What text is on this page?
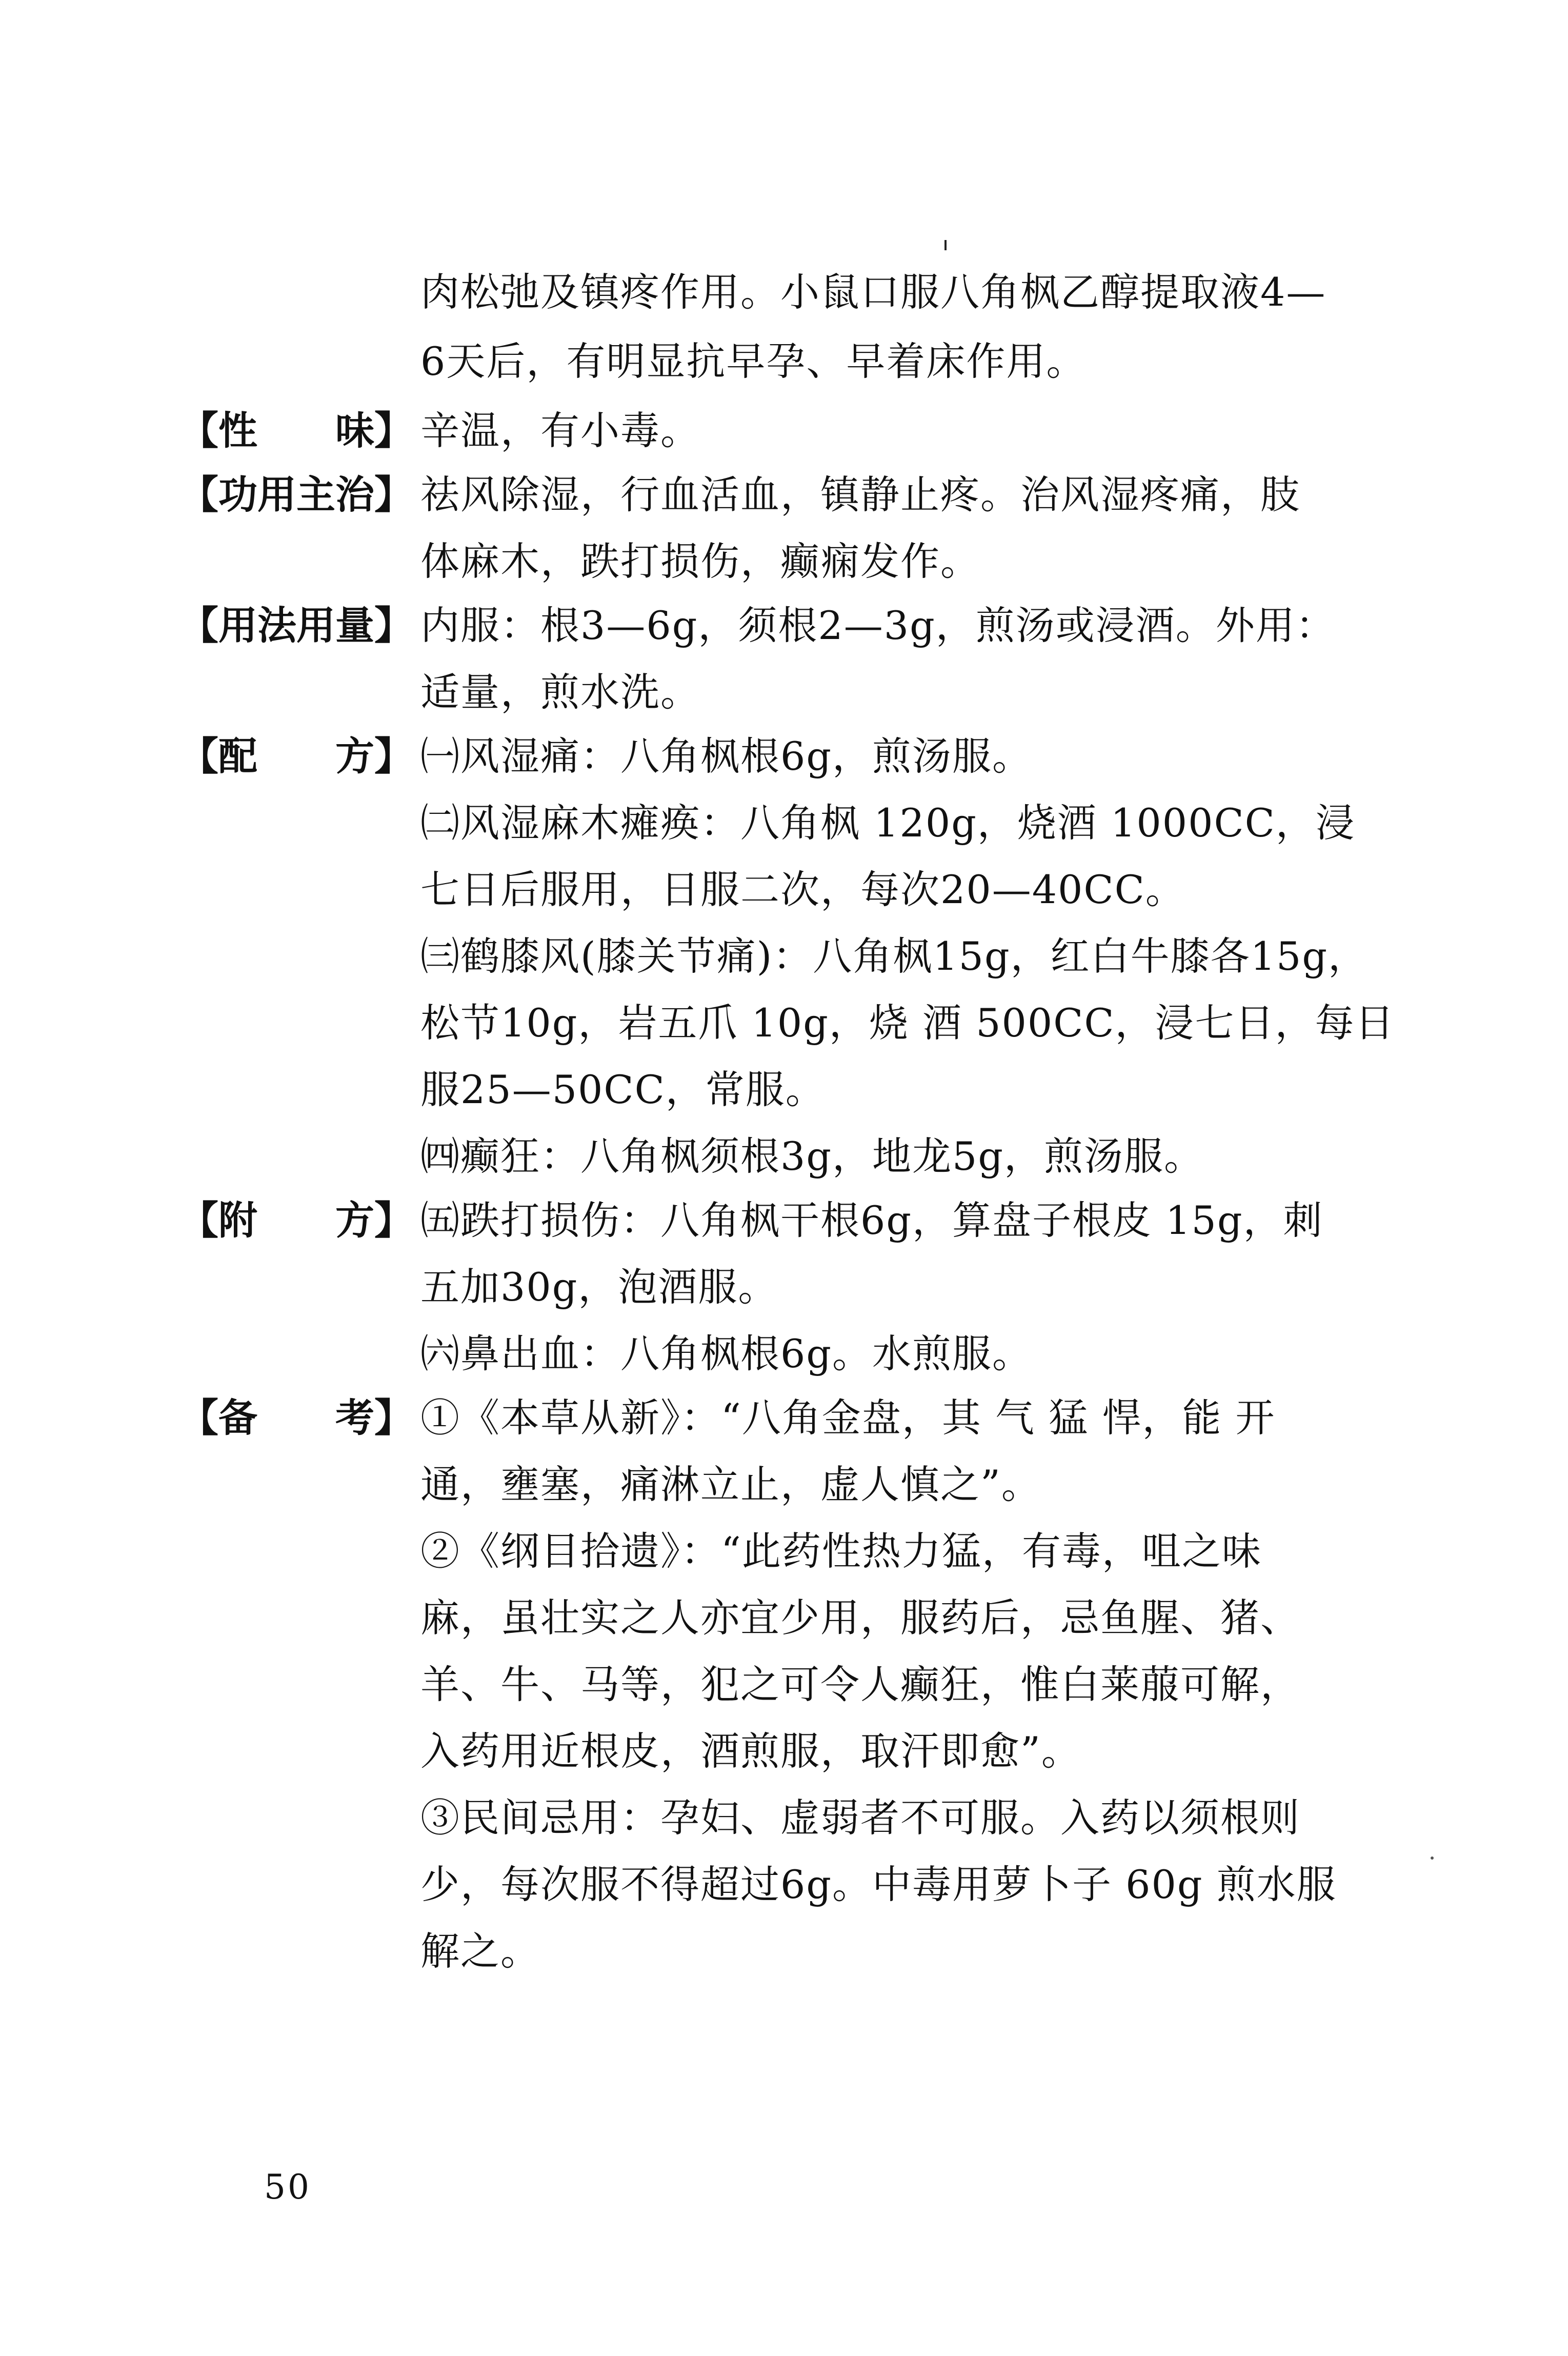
肉松弛及镇疼作用。小鼠口服八角枫乙醇提取液4—
6天后，有明显抗早孕、早着床作用。
【性　　味】 辛温，有小毒。
【功用主治】 祛风除湿，行血活血，镇静止疼。治风湿疼痛，肢
体麻木，跌打损伤，癫痫发作。
【用法用量】 内服：根3—6g，须根2—3g，煎汤或浸酒。外用：
适量，煎水洗。
【配　　方】 ㈠风湿痛：八角枫根6g，煎汤服。
㈡风湿麻木瘫痪：八角枫 120g，烧酒 1000CC，浸
七日后服用，日服二次，每次20—40CC。
㈢鹤膝风(膝关节痛)：八角枫15g，红白牛膝各15g，
松节10g，岩五爪 10g，烧 酒 500CC，浸七日，每日
服25—50CC，常服。
㈣癫狂：八角枫须根3g，地龙5g，煎汤服。
【附　　方】 ㈤跌打损伤：八角枫干根6g，算盘子根皮 15g，刺
五加30g，泡酒服。
㈥鼻出血：八角枫根6g。水煎服。
【备　　考】 ①《本草从新》：“八角金盘，其 气 猛 悍，能 开
通，壅塞，痛淋立止，虚人慎之”。
②《纲目拾遗》：“此药性热力猛，有毒，咀之味
麻，虽壮实之人亦宜少用，服药后，忌鱼腥、猪、
羊、牛、马等，犯之可令人癫狂，惟白莱菔可解，
入药用近根皮，酒煎服，取汗即愈”。
③民间忌用：孕妇、虚弱者不可服。入药以须根则
少，每次服不得超过6g。中毒用萝卜子 60g 煎水服
解之。
50
